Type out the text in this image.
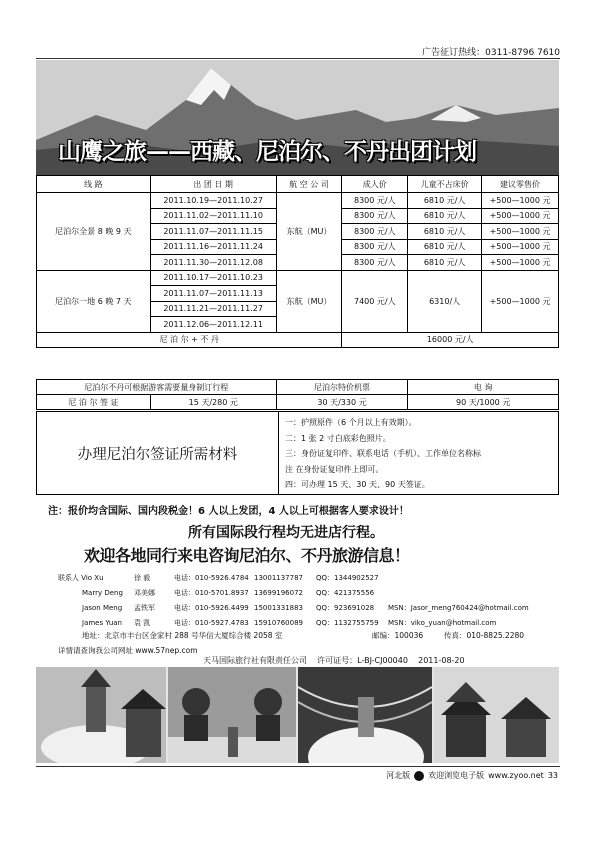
广告征订热线：0311-8796 7610
山鹰之旅——西藏、尼泊尔、不丹出团计划
线 路	出 团 日 期	航 空 公 司	成人价	儿童不占床价	建议零售价
尼泊尔全景 8 晚 9 天	2011.10.19—2011.10.27	东航（MU）	8300 元/人	6810 元/人	+500—1000 元
	2011.11.02—2011.11.10		8300 元/人	6810 元/人	+500—1000 元
	2011.11.07—2011.11.15		8300 元/人	6810 元/人	+500—1000 元
	2011.11.16—2011.11.24		8300 元/人	6810 元/人	+500—1000 元
	2011.11.30—2011.12.08		8300 元/人	6810 元/人	+500—1000 元
尼泊尔一地 6 晚 7 天	2011.10.17—2011.10.23	东航（MU）	7400 元/人	6310/人	+500—1000 元
	2011.11.07—2011.11.13				
	2011.11.21—2011.11.27				
	2011.12.06—2011.12.11				
尼 泊 尔 + 不 丹			16000 元/人		
尼泊尔不丹可根据游客需要量身制订行程		尼泊尔特价机票	电 询
尼 泊 尔 签 证	15 天/280 元	30 天/330 元	90 天/1000 元
办理尼泊尔签证所需材料
一：护照原件（6 个月以上有效期）。
二：1 张 2 寸白底彩色照片。
三：身份证复印件、联系电话（手机）、工作单位名称标
注 在身份证复印件上即可。
四：可办理 15 天、30 天、90 天签证。
注：报价均含国际、国内段税金！6 人以上发团，4 人以上可根据客人要求设计！
所有国际段行程均无进店行程。
欢迎各地同行来电咨询尼泊尔、不丹旅游信息！
联系人 Vio Xu	徐 毅	电话：010-5926.4784 13001137787 QQ：1344902527
Marry Deng 邓美娜	电话：010-5701.8937 13699196072 QQ：421375556
Jason Meng 孟铁军	电话：010-5926.4499 15001331883 QQ：923691028 MSN：Jasor_meng760424@hotmail.com
James Yuan 袁 凯	电话：010-5927.4783 15910760089 QQ：1132755759 MSN：viko_yuan@hotmail.com
地址：北京市丰台区金家村 288 号华信大厦综合楼 2058 室	邮编：100036	传真：010-8825.2280
详情请查询我公司网址 www.57nep.com
天马国际旅行社有限责任公司 许可证号：L-BJ-CJ00040 2011-08-20
河北版 欢迎浏览电子版 www.zyoo.net 33
